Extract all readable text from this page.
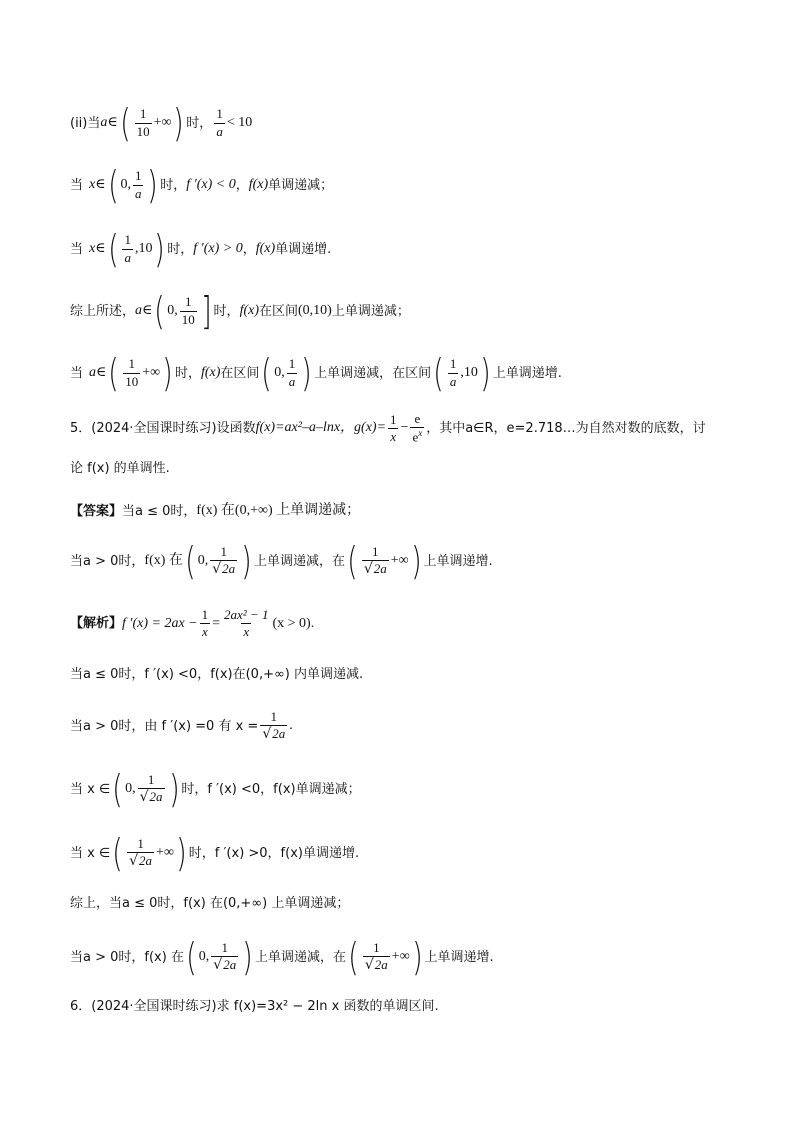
(ii)当 a ∈ ( $\frac{1}{10}$ +∞ ) 时， $\frac{1}{a} < 10$
当 x ∈ ( 0, $\frac{1}{a}$ ) 时， f ′(x) < 0 ， f(x) 单调递减；
当 x ∈ ( $\frac{1}{a} ,10$ ) 时， f ′(x) > 0 ， f(x) 单调递增.
综上所述， a ∈ ( 0, $\frac{1}{10}$ ] 时， f(x) 在区间 (0,10) 上单调递减；
当 a ∈ ( $\frac{1}{10}$ +∞ ) 时， f(x) 在区间 ( 0, $\frac{1}{a}$ ) 上单调递减，在区间 ( $\frac{1}{a} ,10$ ) 上单调递增.
5．(2024·全国课时练习)设函数 f(x)=ax²–a–lnx， $g(x)= \frac{1}{x} - \frac{e}{e^x}$ ，其中a∈R，e=2.718…为自然对数的底数，讨
论 f(x) 的单调性.
【答案】 当a ≤ 0时， f(x) 在(0,+∞) 上单调递减；
当a > 0时， f(x) 在 ( 0, $\frac{1}{√2a}$ ) 上单调递减，在 ( $\frac{1}{√2a}$ +∞ ) 上单调递增.
【解析】 f $'(x) = 2ax - \frac{1}{x} = \frac{\text{2ax² − 1}}{x} (x > 0)$.
当a ≤ 0时，f ′(x) <0，f(x)在(0,+∞) 内单调递减.
当a > 0时，由 f ′(x) =0 有 $x = \frac{1}{√2a}$ .
当 x ∈ ( 0, $\frac{1}{√2a}$ ) 时，f ′(x) <0，f(x)单调递减；
当 x ∈ ( $\frac{1}{√2a}$ +∞ ) 时，f ′(x) >0，f(x)单调递增.
综上，当a ≤ 0时，f(x) 在(0,+∞) 上单调递减；
当a > 0时，f(x) 在 ( 0, $\frac{1}{√2a}$ ) 上单调递减，在 ( $\frac{1}{√2a}$ +∞ ) 上单调递增.
6．(2024·全国课时练习)求 f(x)=3x² − 2ln x 函数的单调区间.
